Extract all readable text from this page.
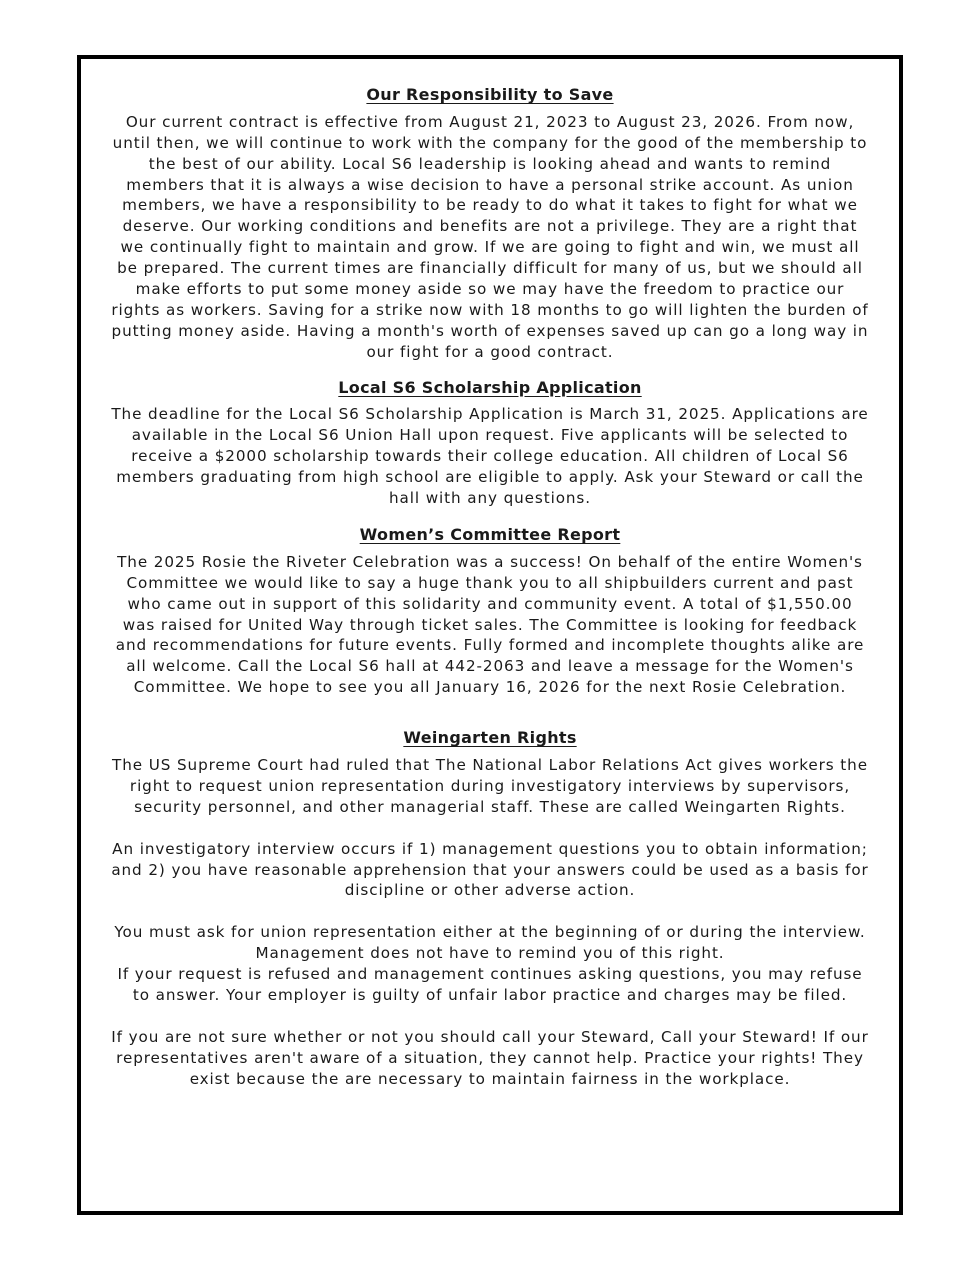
Our Responsibility to Save

Our current contract is effective from August 21, 2023 to August 23, 2026. From now, until then, we will continue to work with the company for the good of the membership to the best of our ability. Local S6 leadership is looking ahead and wants to remind members that it is always a wise decision to have a personal strike account. As union members, we have a responsibility to be ready to do what it takes to fight for what we deserve. Our working conditions and benefits are not a privilege. They are a right that we continually fight to maintain and grow. If we are going to fight and win, we must all be prepared. The current times are financially difficult for many of us, but we should all make efforts to put some money aside so we may have the freedom to practice our rights as workers. Saving for a strike now with 18 months to go will lighten the burden of putting money aside. Having a month's worth of expenses saved up can go a long way in our fight for a good contract.

Local S6 Scholarship Application

The deadline for the Local S6 Scholarship Application is March 31, 2025. Applications are available in the Local S6 Union Hall upon request. Five applicants will be selected to receive a $2000 scholarship towards their college education. All children of Local S6 members graduating from high school are eligible to apply. Ask your Steward or call the hall with any questions.

Women’s Committee Report

The 2025 Rosie the Riveter Celebration was a success! On behalf of the entire Women's Committee we would like to say a huge thank you to all shipbuilders current and past who came out in support of this solidarity and community event. A total of $1,550.00 was raised for United Way through ticket sales. The Committee is looking for feedback and recommendations for future events. Fully formed and incomplete thoughts alike are all welcome. Call the Local S6 hall at 442-2063 and leave a message for the Women's Committee. We hope to see you all January 16, 2026 for the next Rosie Celebration.

Weingarten Rights

The US Supreme Court had ruled that The National Labor Relations Act gives workers the right to request union representation during investigatory interviews by supervisors, security personnel, and other managerial staff. These are called Weingarten Rights.

An investigatory interview occurs if 1) management questions you to obtain information; and 2) you have reasonable apprehension that your answers could be used as a basis for discipline or other adverse action.

You must ask for union representation either at the beginning of or during the interview. Management does not have to remind you of this right.

If your request is refused and management continues asking questions, you may refuse to answer. Your employer is guilty of unfair labor practice and charges may be filed.

If you are not sure whether or not you should call your Steward, Call your Steward! If our representatives aren't aware of a situation, they cannot help. Practice your rights! They exist because the are necessary to maintain fairness in the workplace.
